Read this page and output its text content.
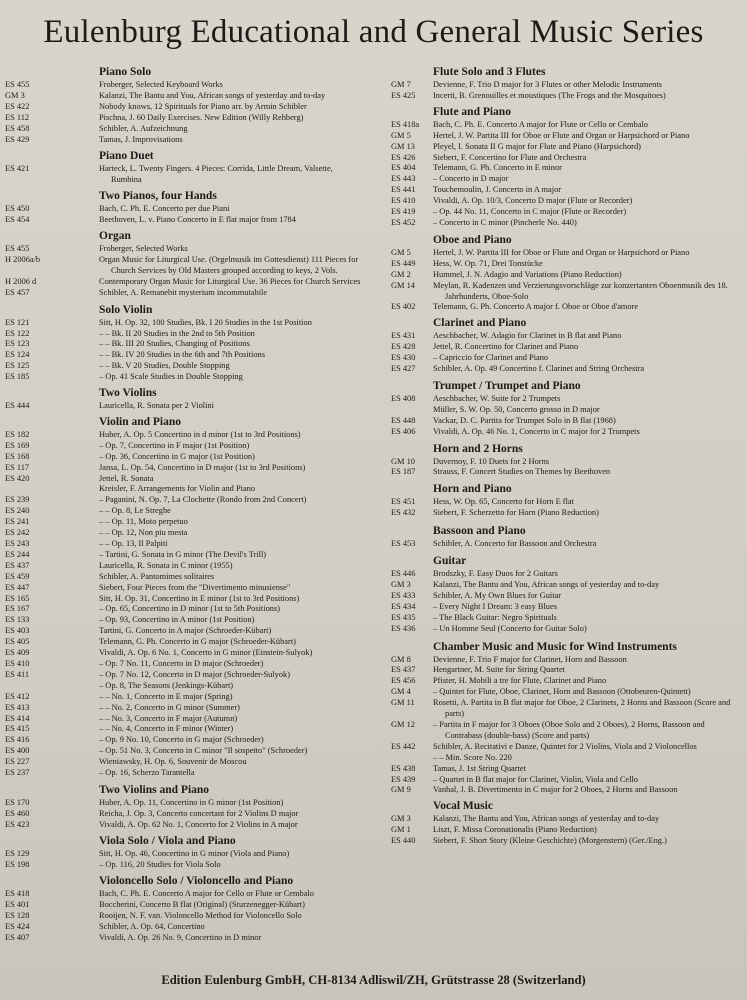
Eulenburg Educational and General Music Series
Piano Solo
ES 455	Froberger, Selected Keyboard Works
GM 3	Kalanzi, The Bantu and You, African songs of yesterday and to-day
ES 422	Nobody knows, 12 Spirituals for Piano arr. by Armin Schibler
ES 112	Pischna, J. 60 Daily Exercises. New Edition (Willy Rehberg)
ES 458	Schibler, A. Aufzeichnung
ES 429	Tamas, J. Improvisations
Piano Duet
ES 421	Harteck, L. Twenty Fingers. 4 Pieces: Corrida, Little Dream, Valsette, Rumbina
Two Pianos, four Hands
ES 450	Bach, C. Ph. E. Concerto per due Piani
ES 454	Beethoven, L. v. Piano Concerto in E flat major from 1784
Organ
ES 455	Froberger, Selected Works
H 2006a/b	Organ Music for Liturgical Use. (Orgelmusik im Gottesdienst) 111 Pieces for Church Services by Old Masters grouped according to keys, 2 Vols.
H 2006 d	Contemporary Organ Music for Liturgical Use. 36 Pieces for Church Services
ES 457	Schibler, A. Remanebit mysterium incommutabile
Solo Violin
ES 121	Sitt, H. Op. 32, 100 Studies, Bk. I 20 Studies in the 1st Position
ES 122	– – Bk. II 20 Studies in the 2nd to 5th Position
ES 123	– – Bk. III 20 Studies, Changing of Positions
ES 124	– – Bk. IV 20 Studies in the 6th and 7th Positions
ES 125	– – Bk. V 20 Studies, Double Stopping
ES 185	– Op. 41 Scale Studies in Double Stopping
Two Violins
ES 444	Lauricella, R. Sonata per 2 Violini
Violin and Piano
ES 182	Huber, A. Op. 5 Concertino in d minor (1st to 3rd Positions)
ES 169	– Op. 7, Concertino in F major (1st Position)
ES 168	– Op. 36, Concertino in G major (1st Position)
ES 117	Jansa, L. Op. 54, Concertino in D major (1st to 3rd Positions)
ES 420	Jettel, R. Sonata
Kreisler, F. Arrangements for Violin and Piano
ES 239	– Paganini, N. Op. 7, La Clochette (Rondo from 2nd Concert)
ES 240	– – Op. 8, Le Streghe
ES 241	– – Op. 11, Moto perpetuo
ES 242	– – Op. 12, Non piu mesta
ES 243	– – Op. 13, Il Palpiti
ES 244	– Tartini, G. Sonata in G minor (The Devil's Trill)
ES 437	Lauricella, R. Sonata in C minor (1955)
ES 459	Schibler, A. Pantomimes solitaires
ES 447	Siebert, Four Pieces from the "Divertimento minusiense"
ES 165	Sitt, H. Op. 31, Concertino in E minor (1st to 3rd Positions)
ES 167	– Op. 65, Concertino in D minor (1st to 5th Positions)
ES 133	– Op. 93, Concertino in A minor (1st Position)
ES 403	Tartini, G. Concerto in A major (Schroeder-Kübart)
ES 405	Telemann, G. Ph. Concerto in G major (Schroeder-Kübart)
ES 409	Vivaldi, A. Op. 6 No. 1, Concerto in G minor (Einstein-Sulyok)
ES 410	– Op. 7 No. 11, Concerto in D major (Schroeder)
ES 411	– Op. 7 No. 12, Concerto in D major (Schroeder-Sulyok)
– Op. 8, The Seasons (Jenkings-Kübart)
ES 412	– – No. 1, Concerto in E major (Spring)
ES 413	– – No. 2, Concerto in G minor (Summer)
ES 414	– – No. 3, Concerto in F major (Autumn)
ES 415	– – No. 4, Concerto in F minor (Winter)
ES 416	– Op. 9 No. 10, Concerto in G major (Schroeder)
ES 400	– Op. 51 No. 3, Concerto in C minor "Il sospetto" (Schroeder)
ES 227	Wieniawsky, H. Op. 6, Souvenir de Moscou
ES 237	– Op. 16, Scherzo Tarantella
Two Violins and Piano
ES 170	Huber, A. Op. 11, Concertino in G minor (1st Position)
ES 460	Reicha, J. Op. 3, Concerto concertant for 2 Violins D major
ES 423	Vivaldi, A. Op. 62 No. 1, Concerto for 2 Violins in A major
Viola Solo / Viola and Piano
ES 129	Sitt, H. Op. 46, Concertino in G minor (Viola and Piano)
ES 198	– Op. 116, 20 Studies for Viola Solo
Violoncello Solo / Violoncello and Piano
ES 418	Bach, C. Ph. E. Concerto A major for Cello or Flute or Cembalo
ES 401	Boccherini, Concerto B flat (Original) (Sturzenegger-Kübart)
ES 128	Rooijen, N. F. van. Violoncello Method for Violoncello Solo
ES 424	Schibler, A. Op. 64, Concertino
ES 407	Vivaldi, A. Op. 26 No. 9, Concertino in D minor
Flute Solo and 3 Flutes
GM 7	Devienne, F. Trio D major for 3 Flutes or other Melodic Instruments
ES 425	Incerti, B. Grenouilles et moustiques (The Frogs and the Mosquitoes)
Flute and Piano
ES 418a	Bach, C. Ph. E. Concerto A major for Flute or Cello or Cembalo
GM 5	Hertel, J. W. Partita III for Oboe or Flute and Organ or Harpsichord or Piano
GM 13	Pleyel, I. Sonata II G major for Flute and Piano (Harpsichord)
ES 426	Siebert, F. Concertino for Flute and Orchestra
ES 404	Telemann, G. Ph. Concerto in E minor
ES 443	– Concerto in D major
ES 441	Touchemoulin, J. Concerto in A major
ES 410	Vivaldi, A. Op. 10/3, Concerto D major (Flute or Recorder)
ES 419	– Op. 44 No. 11, Concerto in C major (Flute or Recorder)
ES 452	– Concerto in C minor (Pincherle No. 440)
Oboe and Piano
GM 5	Hertel, J. W. Partita III for Oboe or Flute and Organ or Harpsichord or Piano
ES 449	Hess, W. Op. 71, Drei Tonstücke
GM 2	Hummel, J. N. Adagio and Variations (Piano Reduction)
GM 14	Meylan, R. Kadenzen und Verzierungsvorschläge zur konzertanten Oboenmusik des 18. Jahrhunderts, Oboe-Solo
ES 402	Telemann, G. Ph. Concerto A major f. Oboe or Oboe d'amore
Clarinet and Piano
ES 431	Aeschbacher, W. Adagio for Clarinet in B flat and Piano
ES 428	Jettel, R. Concertino for Clarinet and Piano
ES 430	– Capriccio for Clarinet and Piano
ES 427	Schibler, A. Op. 49 Concertino f. Clarinet and String Orchestra
Trumpet / Trumpet and Piano
ES 408	Aeschbacher, W. Suite for 2 Trumpets
Müller, S. W. Op. 50, Concerto grosso in D major
ES 448	Vackar, D. C. Partita for Trumpet Solo in B flat (1968)
ES 406	Vivaldi, A. Op. 46 No. 1, Concerto in C major for 2 Trumpets
Horn and 2 Horns
GM 10	Duvernoy, F. 10 Duets for 2 Horns
ES 187	Strauss, F. Concert Studies on Themes by Beethoven
Horn and Piano
ES 451	Hess, W. Op. 65, Concerto for Horn E flat
ES 432	Siebert, F. Scherzetto for Horn (Piano Reduction)
Bassoon and Piano
ES 453	Schibler, A. Concerto for Bassoon and Orchestra
Guitar
ES 446	Brodszky, F. Easy Duos for 2 Guitars
GM 3	Kalanzi, The Bantu and You, African songs of yesterday and to-day
ES 433	Schibler, A. My Own Blues for Guitar
ES 434	– Every Night I Dream: 3 easy Blues
ES 435	– The Black Guitar: Negro Spirituals
ES 436	– Un Homme Seul (Concerto for Guitar Solo)
Chamber Music and Music for Wind Instruments
GM 8	Devienne, F. Trio F major for Clarinet, Horn and Bassoon
ES 437	Hengartner, M. Suite for String Quartet
ES 456	Pfister, H. Mobili a tre for Flute, Clarinet and Piano
GM 4	– Quintet for Flute, Oboe, Clarinet, Horn and Bassoon (Ottobeuren-Quintett)
GM 11	Rosetti, A. Partita in B flat major for Oboe, 2 Clarinets, 2 Horns and Bassoon (Score and parts)
GM 12	– Partita in F major for 3 Oboes (Oboe Solo and 2 Oboes), 2 Horns, Bassoon and Contrabass (double-bass) (Score and parts)
ES 442	Schibler, A. Recitativi e Danze, Quintet for 2 Violins, Viola and 2 Violoncellos
– – Min. Score No. 220
ES 438	Tamas, J. 1st String Quartet
ES 439	– Quartet in B flat major for Clarinet, Violin, Viola and Cello
GM 9	Vanhal, J. B. Divertimento in C major for 2 Oboes, 2 Horns and Bassoon
Vocal Music
GM 3	Kalanzi, The Bantu and You, African songs of yesterday and to-day
GM 1	Liszt, F. Missa Coronationalis (Piano Reduction)
ES 440	Siebert, F. Short Story (Kleine Geschichte) (Morgenstern) (Ger./Eng.)

Edition Eulenburg GmbH, CH-8134 Adliswil/ZH, Grütstrasse 28 (Switzerland)
